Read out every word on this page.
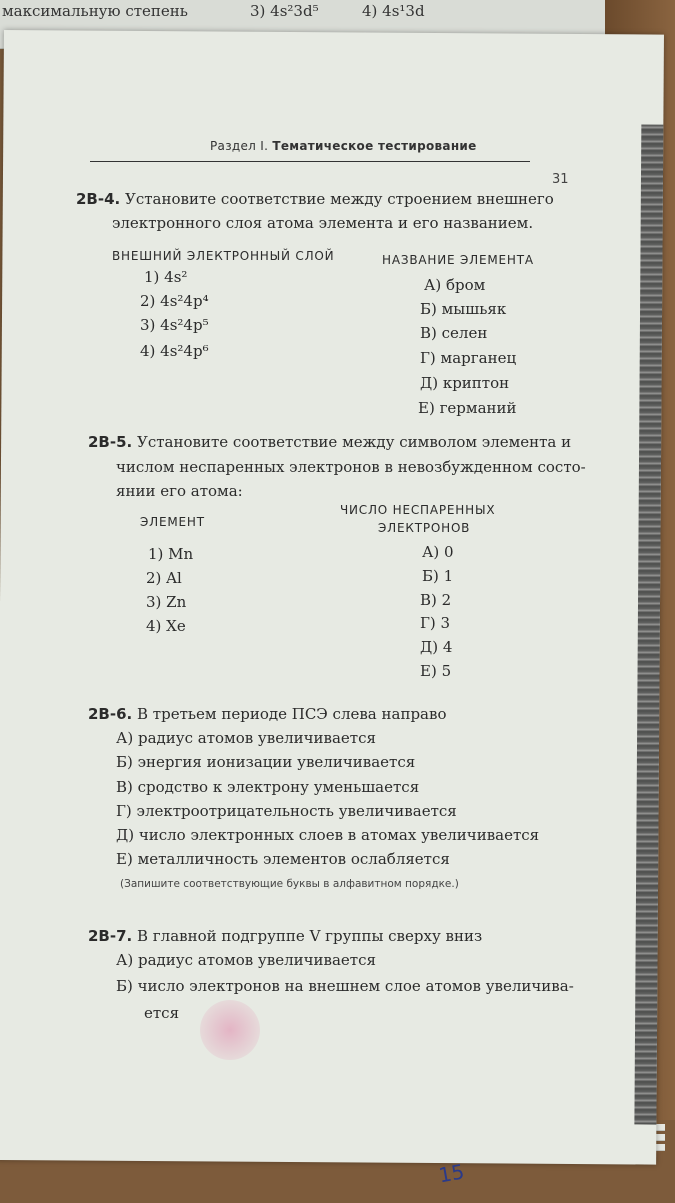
максимальную степень	3) 4s²3d⁵	4) 4s¹3d
Раздел I. Тематическое тестирование
31
2В-4. Установите соответствие между строением внешнего
электронного слоя атома элемента и его названием.
ВНЕШНИЙ ЭЛЕКТРОННЫЙ СЛОЙ	НАЗВАНИЕ ЭЛЕМЕНТА
1) 4s²
2) 4s²4p⁴
3) 4s²4p⁵
4) 4s²4p⁶
А) бром
Б) мышьяк
В) селен
Г) марганец
Д) криптон
Е) германий
2В-5. Установите соответствие между символом элемента и
числом неспаренных электронов в невозбужденном состо-
янии его атома:
ЭЛЕМЕНТ
ЧИСЛО НЕСПАРЕННЫХ
ЭЛЕКТРОНОВ
1) Mn
2) Al
3) Zn
4) Xe
А) 0
Б) 1
В) 2
Г) 3
Д) 4
Е) 5
2В-6. В третьем периоде ПСЭ слева направо
А) радиус атомов увеличивается
Б) энергия ионизации увеличивается
В) сродство к электрону уменьшается
Г) электроотрицательность увеличивается
Д) число электронных слоев в атомах увеличивается
Е) металличность элементов ослабляется
(Запишите соответствующие буквы в алфавитном порядке.)
2В-7. В главной подгруппе V группы сверху вниз
А) радиус атомов увеличивается
Б) число электронов на внешнем слое атомов увеличива-
ется
15
